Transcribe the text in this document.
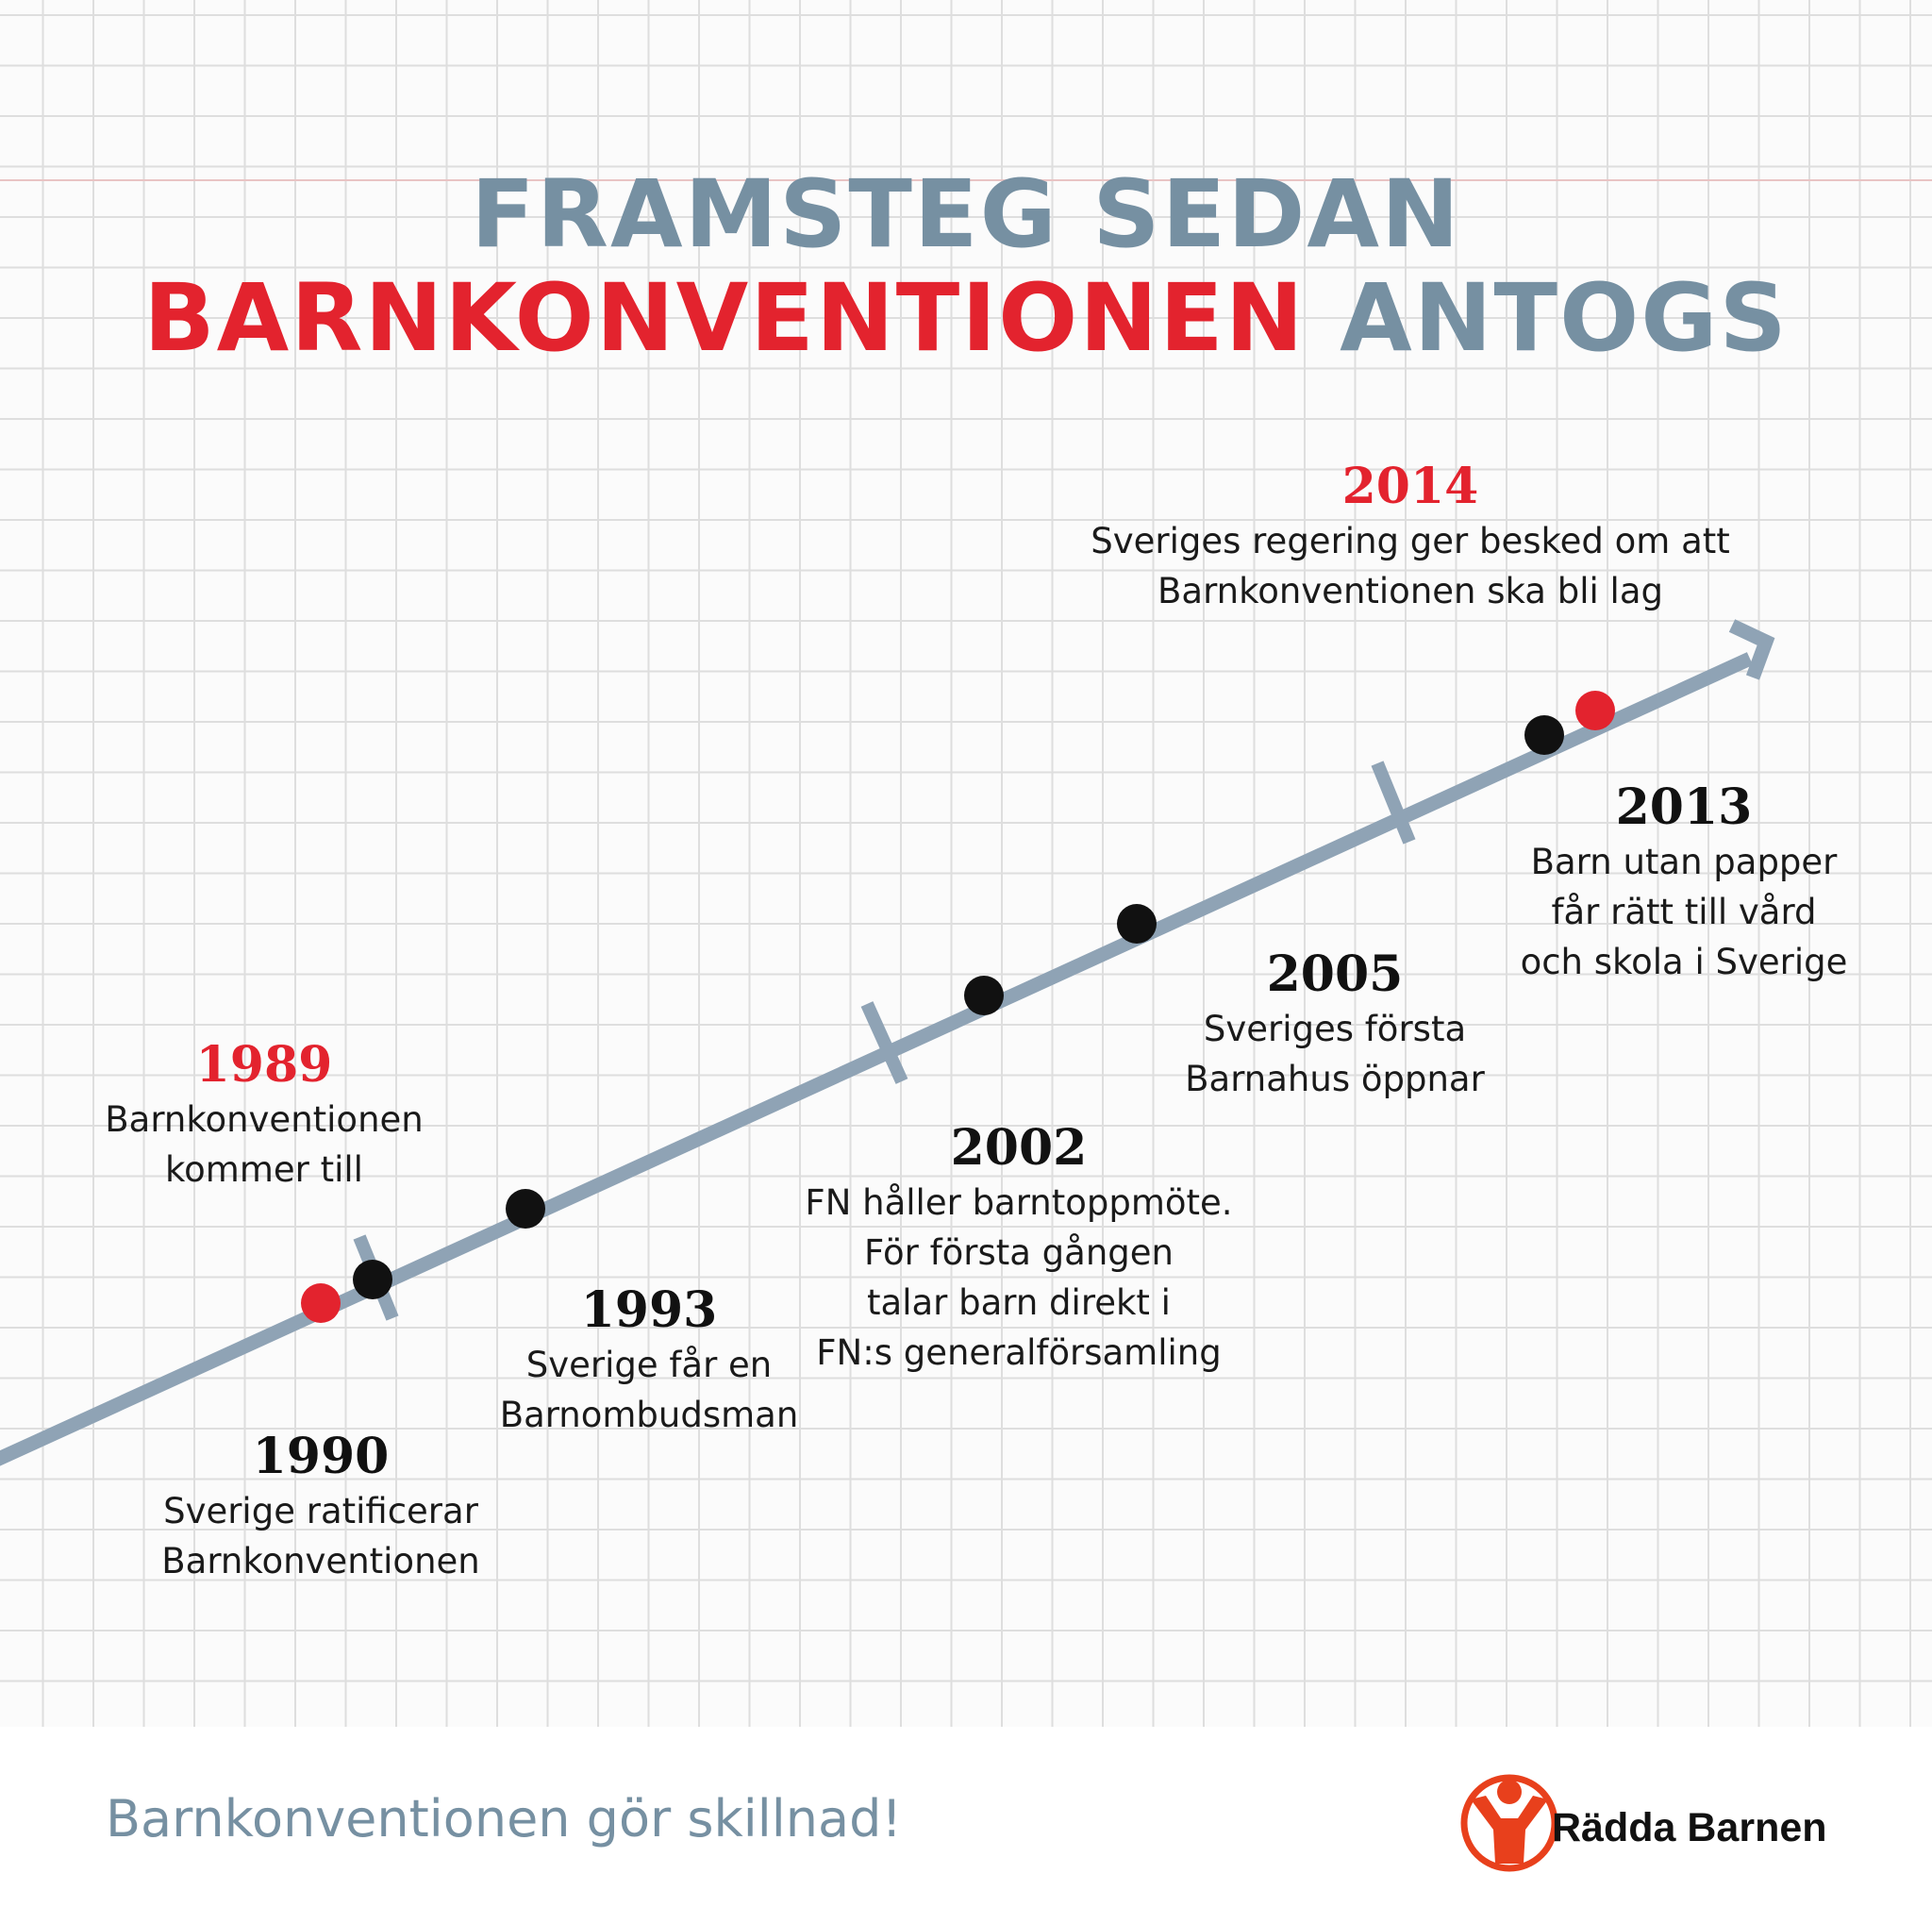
FRAMSTEG SEDAN
BARNKONVENTIONEN ANTOGS
1989
Barnkonventionen
kommer till
1990
Sverige ratificerar
Barnkonventionen
1993
Sverige får en
Barnombudsman
2002
FN håller barntoppmöte.
För första gången
talar barn direkt i
FN:s generalförsamling
2005
Sveriges första
Barnahus öppnar
2013
Barn utan papper
får rätt till vård
och skola i Sverige
2014
Sveriges regering ger besked om att
Barnkonventionen ska bli lag
Barnkonventionen gör skillnad!	Rädda Barnen
